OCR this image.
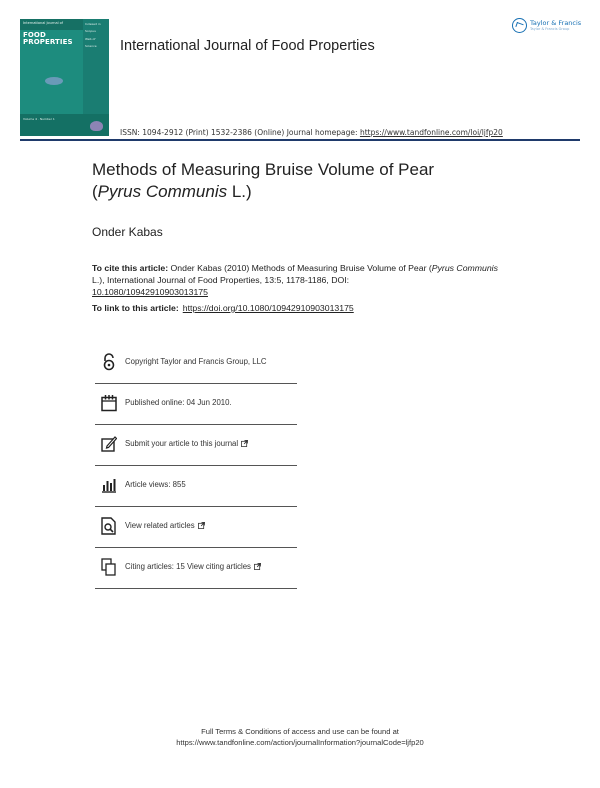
International Journal of
FOOD PROPERTIES
Indexed in
Scopus
Web of
Science
Volume 4 · Number 1
International Journal of Food Properties
ISSN: 1094-2912 (Print) 1532-2386 (Online) Journal homepage: https://www.tandfonline.com/loi/ljfp20
Taylor & Francis
Taylor & Francis Group
Methods of Measuring Bruise Volume of Pear
(Pyrus Communis L.)
Onder Kabas
To cite this article: Onder Kabas (2010) Methods of Measuring Bruise Volume of Pear (Pyrus Communis L.), International Journal of Food Properties, 13:5, 1178-1186, DOI:
10.1080/10942910903013175
To link to this article: https://doi.org/10.1080/10942910903013175
Copyright Taylor and Francis Group, LLC
Published online: 04 Jun 2010.
Submit your article to this journal
Article views: 855
View related articles
Citing articles: 15 View citing articles
Full Terms & Conditions of access and use can be found at
https://www.tandfonline.com/action/journalInformation?journalCode=ljfp20
